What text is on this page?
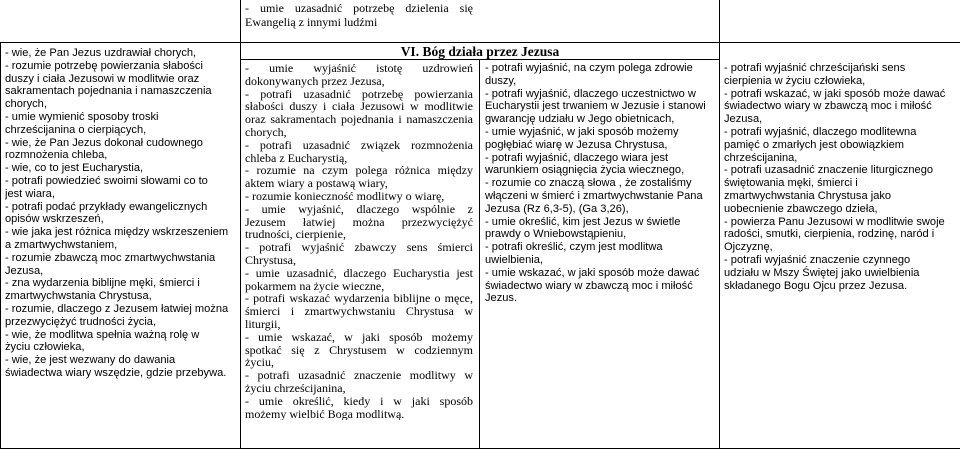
- umie uzasadnić potrzebę dzielenia się
Ewangelią z innymi ludźmi
VI. Bóg działa przez Jezusa
- wie, że Pan Jezus uzdrawiał chorych,
- rozumie potrzebę powierzania słabości
duszy i ciała Jezusowi w modlitwie oraz
sakramentach pojednania i namaszczenia
chorych,
- umie wymienić sposoby troski
chrześcijanina o cierpiących,
- wie, że Pan Jezus dokonał cudownego
rozmnożenia chleba,
- wie, co to jest Eucharystia,
- potrafi powiedzieć swoimi słowami co to
jest wiara,
- potrafi podać przykłady ewangelicznych
opisów wskrzeszeń,
- wie jaka jest różnica między wskrzeszeniem
a zmartwychwstaniem,
- rozumie zbawczą moc zmartwychwstania
Jezusa,
- zna wydarzenia biblijne męki, śmierci i
zmartwychwstania Chrystusa,
- rozumie, dlaczego z Jezusem łatwiej można
przezwyciężyć trudności życia,
- wie, że modlitwa spełnia ważną rolę w
życiu człowieka,
- wie, że jest wezwany do dawania
świadectwa wiary wszędzie, gdzie przebywa.
- umie wyjaśnić istotę uzdrowień
dokonywanych przez Jezusa,
- potrafi uzasadnić potrzebę powierzania
słabości duszy i ciała Jezusowi w modlitwie
oraz sakramentach pojednania i namaszczenia
chorych,
- potrafi uzasadnić związek rozmnożenia
chleba z Eucharystią,
- rozumie na czym polega różnica między
aktem wiary a postawą wiary,
- rozumie konieczność modlitwy o wiarę,
- umie wyjaśnić, dlaczego wspólnie z
Jezusem łatwiej można przezwyciężyć
trudności, cierpienie,
- potrafi wyjaśnić zbawczy sens śmierci
Chrystusa,
- umie uzasadnić, dlaczego Eucharystia jest
pokarmem na życie wieczne,
- potrafi wskazać wydarzenia biblijne o męce,
śmierci i zmartwychwstaniu Chrystusa w
liturgii,
- umie wskazać, w jaki sposób możemy
spotkać się z Chrystusem w codziennym
życiu,
- potrafi uzasadnić znaczenie modlitwy w
życiu chrześcijanina,
- umie określić, kiedy i w jaki sposób
możemy wielbić Boga modlitwą.
- potrafi wyjaśnić, na czym polega zdrowie
duszy,
- potrafi wyjaśnić, dlaczego uczestnictwo w
Eucharystii jest trwaniem w Jezusie i stanowi
gwarancję udziału w Jego obietnicach,
- umie wyjaśnić, w jaki sposób możemy
pogłębiać wiarę w Jezusa Chrystusa,
- potrafi wyjaśnić, dlaczego wiara jest
warunkiem osiągnięcia życia wiecznego,
- rozumie co znaczą słowa , że zostaliśmy
włączeni w śmierć i zmartwychwstanie Pana
Jezusa (Rz 6,3-5), (Ga 3,26),
- umie określić, kim jest Jezus w świetle
prawdy o Wniebowstąpieniu,
- potrafi określić, czym jest modlitwa
uwielbienia,
- umie wskazać, w jaki sposób może dawać
świadectwo wiary w zbawczą moc i miłość
Jezus.
- potrafi wyjaśnić chrześcijański sens
cierpienia w życiu człowieka,
- potrafi wskazać, w jaki sposób może dawać
świadectwo wiary w zbawczą moc i miłość
Jezusa,
- potrafi wyjaśnić, dlaczego modlitewna
pamięć o zmarłych jest obowiązkiem
chrześcijanina,
- potrafi uzasadnić znaczenie liturgicznego
świętowania męki, śmierci i
zmartwychwstania Chrystusa jako
uobecnienie zbawczego dzieła,
- powierza Panu Jezusowi w modlitwie swoje
radości, smutki, cierpienia, rodzinę, naród i
Ojczyznę,
- potrafi wyjaśnić znaczenie czynnego
udziału w Mszy Świętej jako uwielbienia
składanego Bogu Ojcu przez Jezusa.
